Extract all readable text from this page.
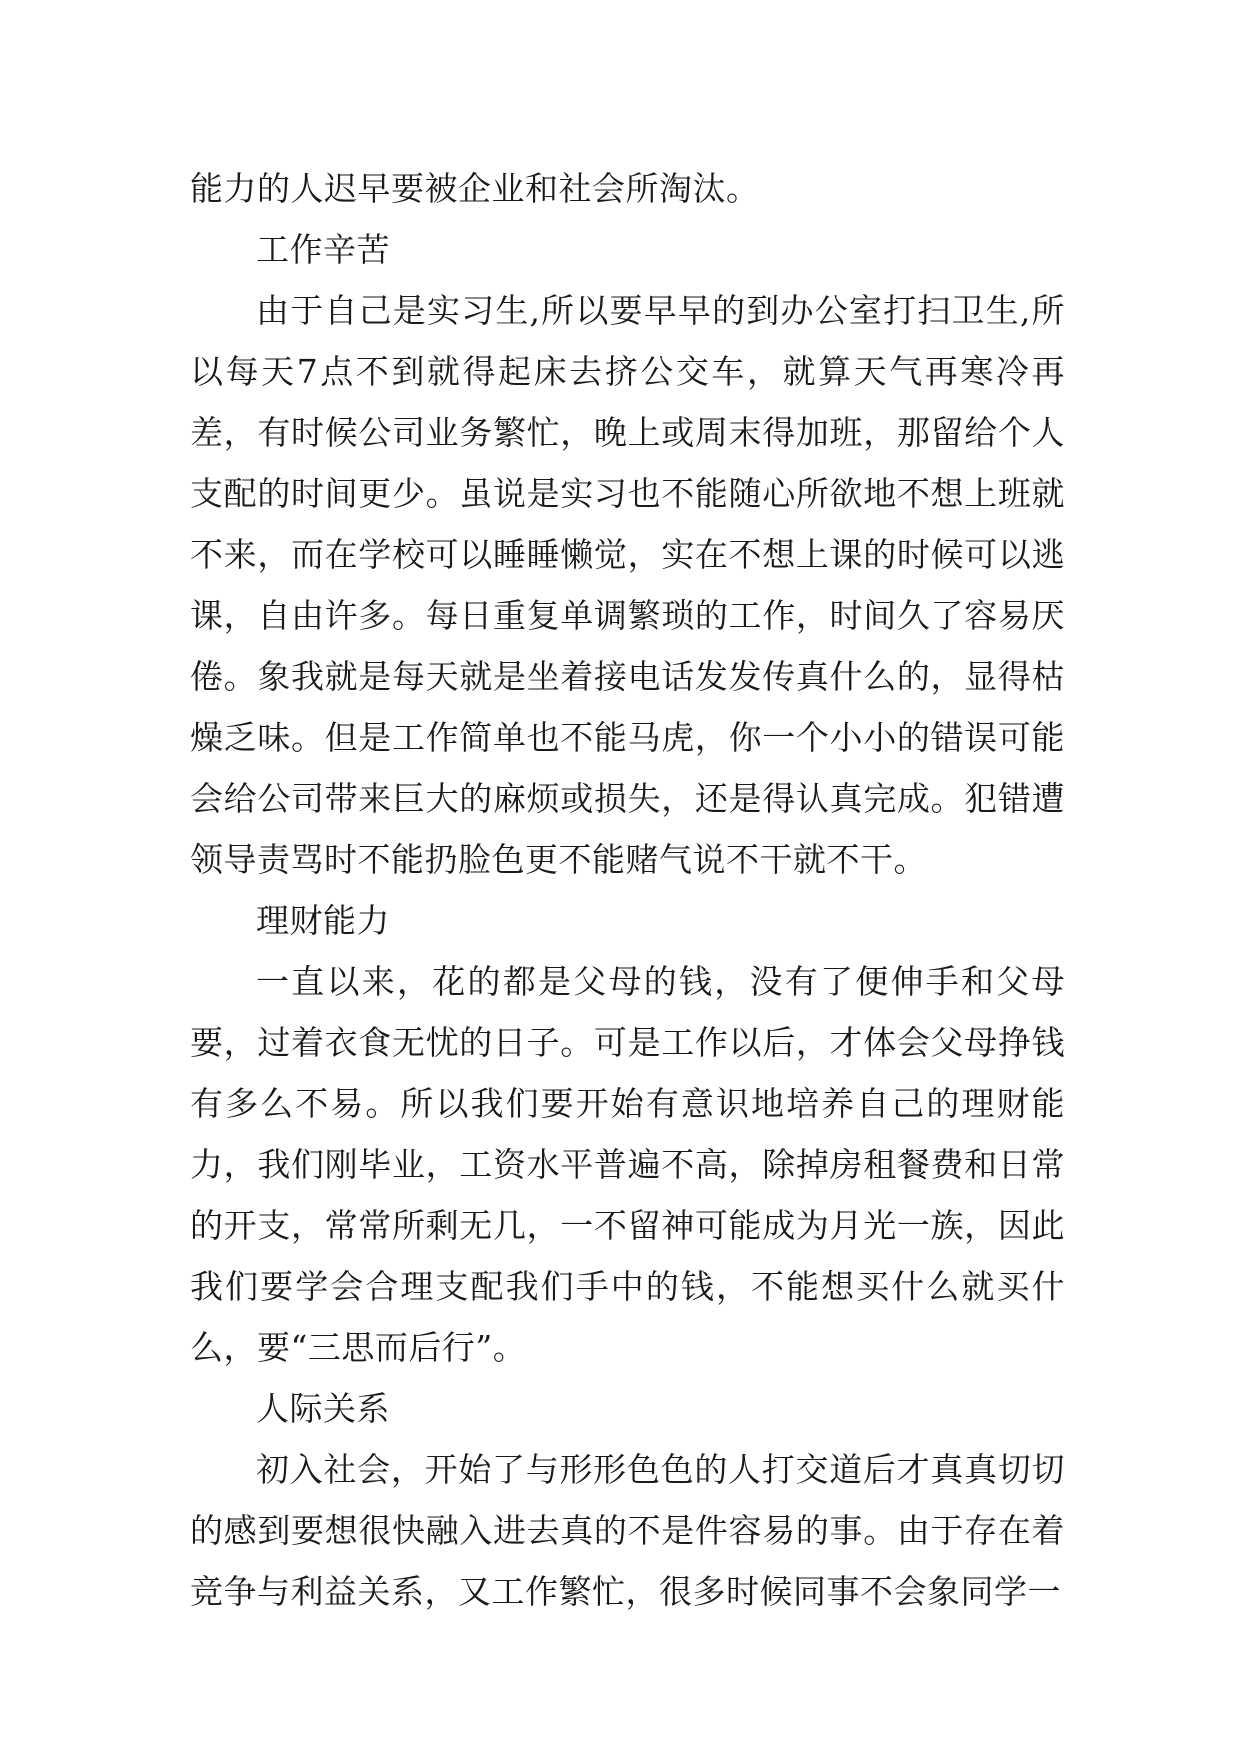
能力的人迟早要被企业和社会所淘汰。

工作辛苦

由于自己是实习生,所以要早早的到办公室打扫卫生,所以每天7点不到就得起床去挤公交车，就算天气再寒冷再差，有时候公司业务繁忙，晚上或周末得加班，那留给个人支配的时间更少。虽说是实习也不能随心所欲地不想上班就不来，而在学校可以睡睡懒觉，实在不想上课的时候可以逃课，自由许多。每日重复单调繁琐的工作，时间久了容易厌倦。象我就是每天就是坐着接电话发发传真什么的，显得枯燥乏味。但是工作简单也不能马虎，你一个小小的错误可能会给公司带来巨大的麻烦或损失，还是得认真完成。犯错遭领导责骂时不能扔脸色更不能赌气说不干就不干。

理财能力

一直以来，花的都是父母的钱，没有了便伸手和父母要，过着衣食无忧的日子。可是工作以后，才体会父母挣钱有多么不易。所以我们要开始有意识地培养自己的理财能力，我们刚毕业，工资水平普遍不高，除掉房租餐费和日常的开支，常常所剩无几，一不留神可能成为月光一族，因此我们要学会合理支配我们手中的钱，不能想买什么就买什么，要“三思而后行”。

人际关系

初入社会，开始了与形形色色的人打交道后才真真切切的感到要想很快融入进去真的不是件容易的事。由于存在着竞争与利益关系，又工作繁忙，很多时候同事不会象同学一
